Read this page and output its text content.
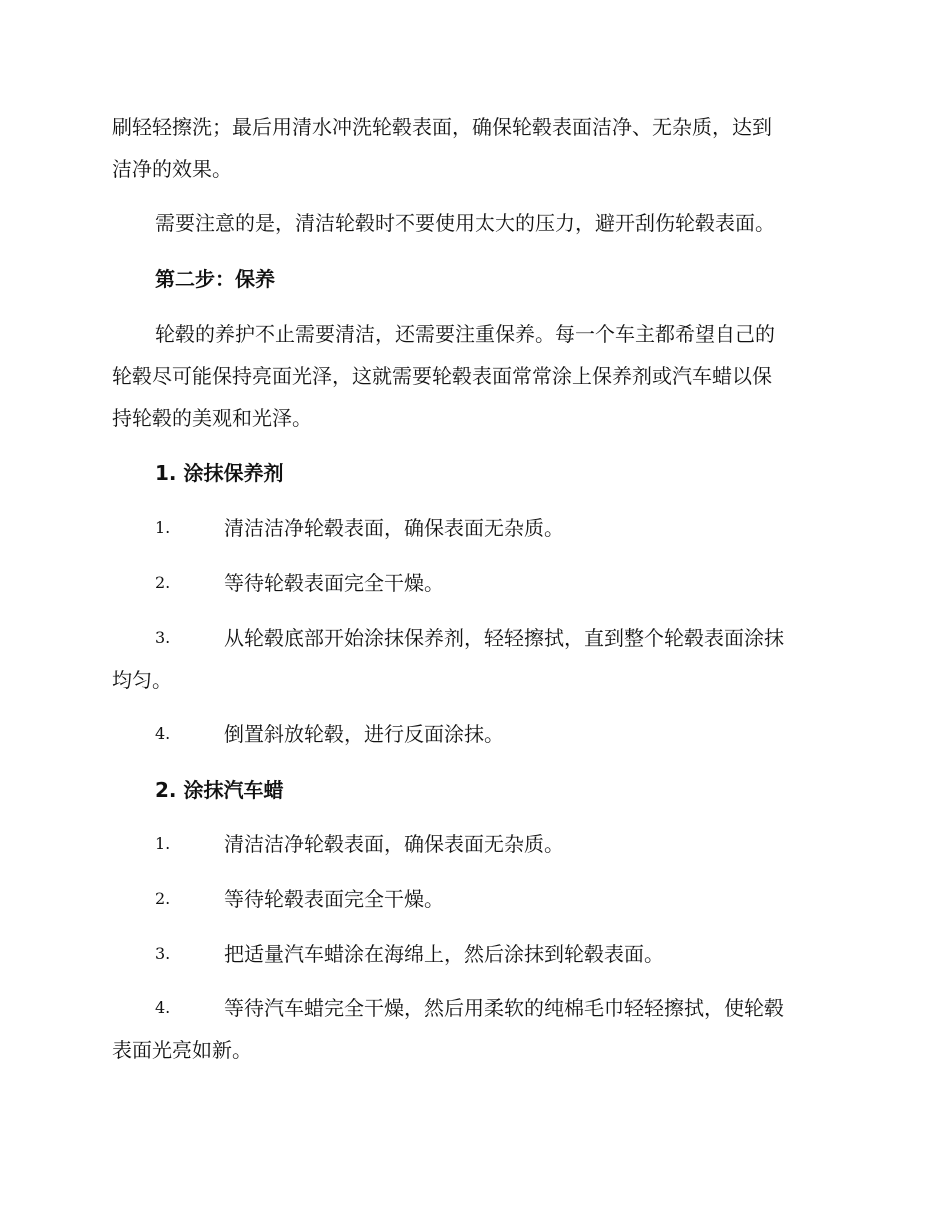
刷轻轻擦洗；最后用清水冲洗轮毂表面，确保轮毂表面洁净、无杂质，达到
洁净的效果。
需要注意的是，清洁轮毂时不要使用太大的压力，避开刮伤轮毂表面。
第二步：保养
轮毂的养护不止需要清洁，还需要注重保养。每一个车主都希望自己的
轮毂尽可能保持亮面光泽，这就需要轮毂表面常常涂上保养剂或汽车蜡以保
持轮毂的美观和光泽。
1. 涂抹保养剂
1.	清洁洁净轮毂表面，确保表面无杂质。
2.	等待轮毂表面完全干燥。
3.	从轮毂底部开始涂抹保养剂，轻轻擦拭，直到整个轮毂表面涂抹
均匀。
4.	倒置斜放轮毂，进行反面涂抹。
2. 涂抹汽车蜡
1.	清洁洁净轮毂表面，确保表面无杂质。
2.	等待轮毂表面完全干燥。
3.	把适量汽车蜡涂在海绵上，然后涂抹到轮毂表面。
4.	等待汽车蜡完全干燥，然后用柔软的纯棉毛巾轻轻擦拭，使轮毂
表面光亮如新。
